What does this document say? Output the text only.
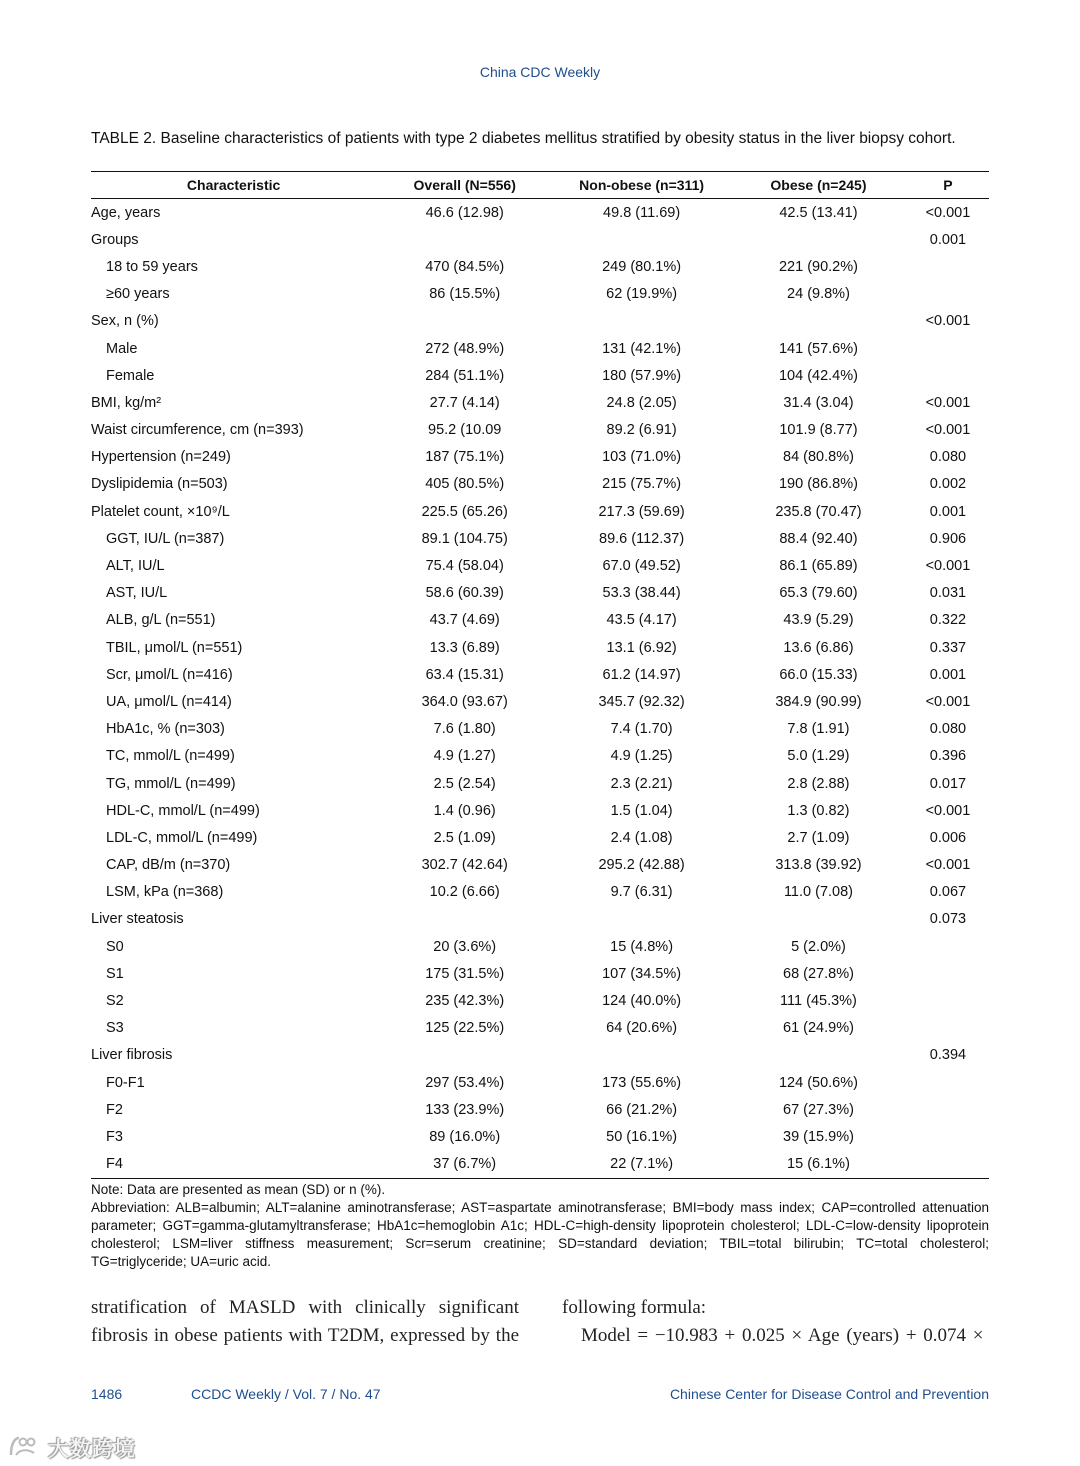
China CDC Weekly
TABLE 2. Baseline characteristics of patients with type 2 diabetes mellitus stratified by obesity status in the liver biopsy cohort.
Characteristic	Overall (N=556)	Non-obese (n=311)	Obese (n=245)	P
Age, years	46.6 (12.98)	49.8 (11.69)	42.5 (13.41)	<0.001
Groups				0.001
18 to 59 years	470 (84.5%)	249 (80.1%)	221 (90.2%)	
≥60 years	86 (15.5%)	62 (19.9%)	24 (9.8%)	
Sex, n (%)				<0.001
Male	272 (48.9%)	131 (42.1%)	141 (57.6%)	
Female	284 (51.1%)	180 (57.9%)	104 (42.4%)	
BMI, kg/m²	27.7 (4.14)	24.8 (2.05)	31.4 (3.04)	<0.001
Waist circumference, cm (n=393)	95.2 (10.09	89.2 (6.91)	101.9 (8.77)	<0.001
Hypertension (n=249)	187 (75.1%)	103 (71.0%)	84 (80.8%)	0.080
Dyslipidemia (n=503)	405 (80.5%)	215 (75.7%)	190 (86.8%)	0.002
Platelet count, ×10⁹/L	225.5 (65.26)	217.3 (59.69)	235.8 (70.47)	0.001
GGT, IU/L (n=387)	89.1 (104.75)	89.6 (112.37)	88.4 (92.40)	0.906
ALT, IU/L	75.4 (58.04)	67.0 (49.52)	86.1 (65.89)	<0.001
AST, IU/L	58.6 (60.39)	53.3 (38.44)	65.3 (79.60)	0.031
ALB, g/L (n=551)	43.7 (4.69)	43.5 (4.17)	43.9 (5.29)	0.322
TBIL, μmol/L (n=551)	13.3 (6.89)	13.1 (6.92)	13.6 (6.86)	0.337
Scr, μmol/L (n=416)	63.4 (15.31)	61.2 (14.97)	66.0 (15.33)	0.001
UA, μmol/L (n=414)	364.0 (93.67)	345.7 (92.32)	384.9 (90.99)	<0.001
HbA1c, % (n=303)	7.6 (1.80)	7.4 (1.70)	7.8 (1.91)	0.080
TC, mmol/L (n=499)	4.9 (1.27)	4.9 (1.25)	5.0 (1.29)	0.396
TG, mmol/L (n=499)	2.5 (2.54)	2.3 (2.21)	2.8 (2.88)	0.017
HDL-C, mmol/L (n=499)	1.4 (0.96)	1.5 (1.04)	1.3 (0.82)	<0.001
LDL-C, mmol/L (n=499)	2.5 (1.09)	2.4 (1.08)	2.7 (1.09)	0.006
CAP, dB/m (n=370)	302.7 (42.64)	295.2 (42.88)	313.8 (39.92)	<0.001
LSM, kPa (n=368)	10.2 (6.66)	9.7 (6.31)	11.0 (7.08)	0.067
Liver steatosis				0.073
S0	20 (3.6%)	15 (4.8%)	5 (2.0%)	
S1	175 (31.5%)	107 (34.5%)	68 (27.8%)	
S2	235 (42.3%)	124 (40.0%)	111 (45.3%)	
S3	125 (22.5%)	64 (20.6%)	61 (24.9%)	
Liver fibrosis				0.394
F0-F1	297 (53.4%)	173 (55.6%)	124 (50.6%)	
F2	133 (23.9%)	66 (21.2%)	67 (27.3%)	
F3	89 (16.0%)	50 (16.1%)	39 (15.9%)	
F4	37 (6.7%)	22 (7.1%)	15 (6.1%)	

Note: Data are presented as mean (SD) or n (%).

Abbreviation: ALB=albumin; ALT=alanine aminotransferase; AST=aspartate aminotransferase; BMI=body mass index; CAP=controlled attenuation parameter; GGT=gamma-glutamyltransferase; HbA1c=hemoglobin A1c; HDL-C=high-density lipoprotein cholesterol; LDL-C=low-density lipoprotein cholesterol; LSM=liver stiffness measurement; Scr=serum creatinine; SD=standard deviation; TBIL=total bilirubin; TC=total cholesterol; TG=triglyceride; UA=uric acid.

stratification of MASLD with clinically significant fibrosis in obese patients with T2DM, expressed by the
following formula:
Model = −10.983 + 0.025 × Age (years) + 0.074 ×
1486	CCDC Weekly / Vol. 7 / No. 47	Chinese Center for Disease Control and Prevention
大数跨境
